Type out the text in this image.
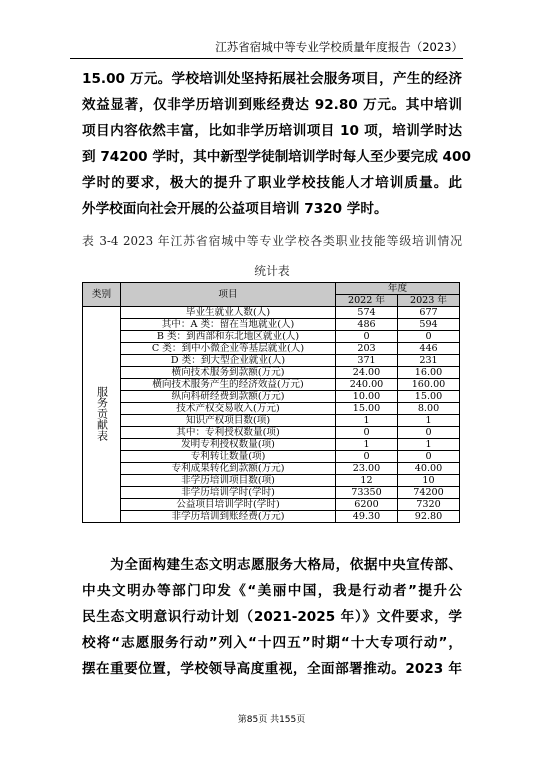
江苏省宿城中等专业学校质量年度报告（2023）
15.00 万元。学校培训处坚持拓展社会服务项目，产生的经济
效益显著，仅非学历培训到账经费达 92.80 万元。其中培训
项目内容依然丰富，比如非学历培训项目 10 项，培训学时达
到 74200 学时，其中新型学徒制培训学时每人至少要完成 400
学时的要求，极大的提升了职业学校技能人才培训质量。此
外学校面向社会开展的公益项目培训 7320 学时。
表 3-4 2023 年江苏省宿城中等专业学校各类职业技能等级培训情况
统计表
类别	项目	年度	
		2022 年	2023 年
服务贡献表	毕业生就业人数(人)	574	677
	其中：A 类：留在当地就业(人)	486	594
	B 类：到西部和东北地区就业(人)	0	0
	C 类：到中小微企业等基层就业(人)	203	446
	D 类：到大型企业就业(人)	371	231
	横向技术服务到款额(万元)	24.00	16.00
	横向技术服务产生的经济效益(万元)	240.00	160.00
	纵向科研经费到款额(万元)	10.00	15.00
	技术产权交易收入(万元)	15.00	8.00
	知识产权项目数(项)	1	1
	其中：专利授权数量(项)	0	0
	发明专利授权数量(项)	1	1
	专利转让数量(项)	0	0
	专利成果转化到款额(万元)	23.00	40.00
	非学历培训项目数(项)	12	10
	非学历培训学时(学时)	73350	74200
	公益项目培训学时(学时)	6200	7320
	非学历培训到账经费(万元)	49.30	92.80
　　为全面构建生态文明志愿服务大格局，依据中央宣传部、
中央文明办等部门印发《“美丽中国，我是行动者”提升公
民生态文明意识行动计划（2021-2025 年）》文件要求，学
校将“志愿服务行动”列入“十四五”时期“十大专项行动”，
摆在重要位置，学校领导高度重视，全面部署推动。2023 年
第85页 共155页
